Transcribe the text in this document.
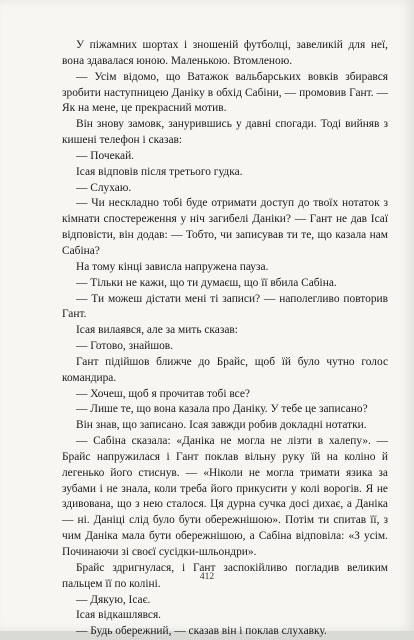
У піжамних шортах і зношеній футболці, завеликій для неї, вона здавалася юною. Маленькою. Втомленою.

— Усім відомо, що Ватажок вальбарських вовків збирався зробити наступницею Даніку в обхід Сабіни, — промовив Гант. — Як на мене, це прекрасний мотив.

Він знову замовк, занурившись у давні спогади. Тоді вийняв з кишені телефон і сказав:

— Почекай.

Ісая відповів після третього гудка.

— Слухаю.

— Чи нескладно тобі буде отримати доступ до твоїх нотаток з кімнати спостереження у ніч загибелі Даніки? — Гант не дав Ісаї відповісти, він додав: — Тобто, чи записував ти те, що казала нам Сабіна?

На тому кінці зависла напружена пауза.

— Тільки не кажи, що ти думаєш, що її вбила Сабіна.

— Ти можеш дістати мені ті записи? — наполегливо повторив Гант.

Ісая вилаявся, але за мить сказав:

— Готово, знайшов.

Гант підійшов ближче до Брайс, щоб їй було чутно голос командира.

— Хочеш, щоб я прочитав тобі все?

— Лише те, що вона казала про Даніку. У тебе це записано?

Він знав, що записано. Ісая завжди робив докладні нотатки.

— Сабіна сказала: «Даніка не могла не лізти в халепу». — Брайс напружилася і Гант поклав вільну руку їй на коліно й легенько його стиснув. — «Ніколи не могла тримати язика за зубами і не знала, коли треба його прикусити у колі ворогів. Я не здивована, що з нею сталося. Ця дурна сучка досі дихає, а Даніка — ні. Даніці слід було бути обережнішою». Потім ти спитав її, з чим Даніка мала бути обережнішою, а Сабіна відповіла: «З усім. Починаючи зі своєї сусідки-шльондри».

Брайс здригнулася, і Гант заспокійливо погладив великим пальцем її по коліні.

— Дякую, Ісає.

Ісая відкашлявся.

— Будь обережний, — сказав він і поклав слухавку.

412
